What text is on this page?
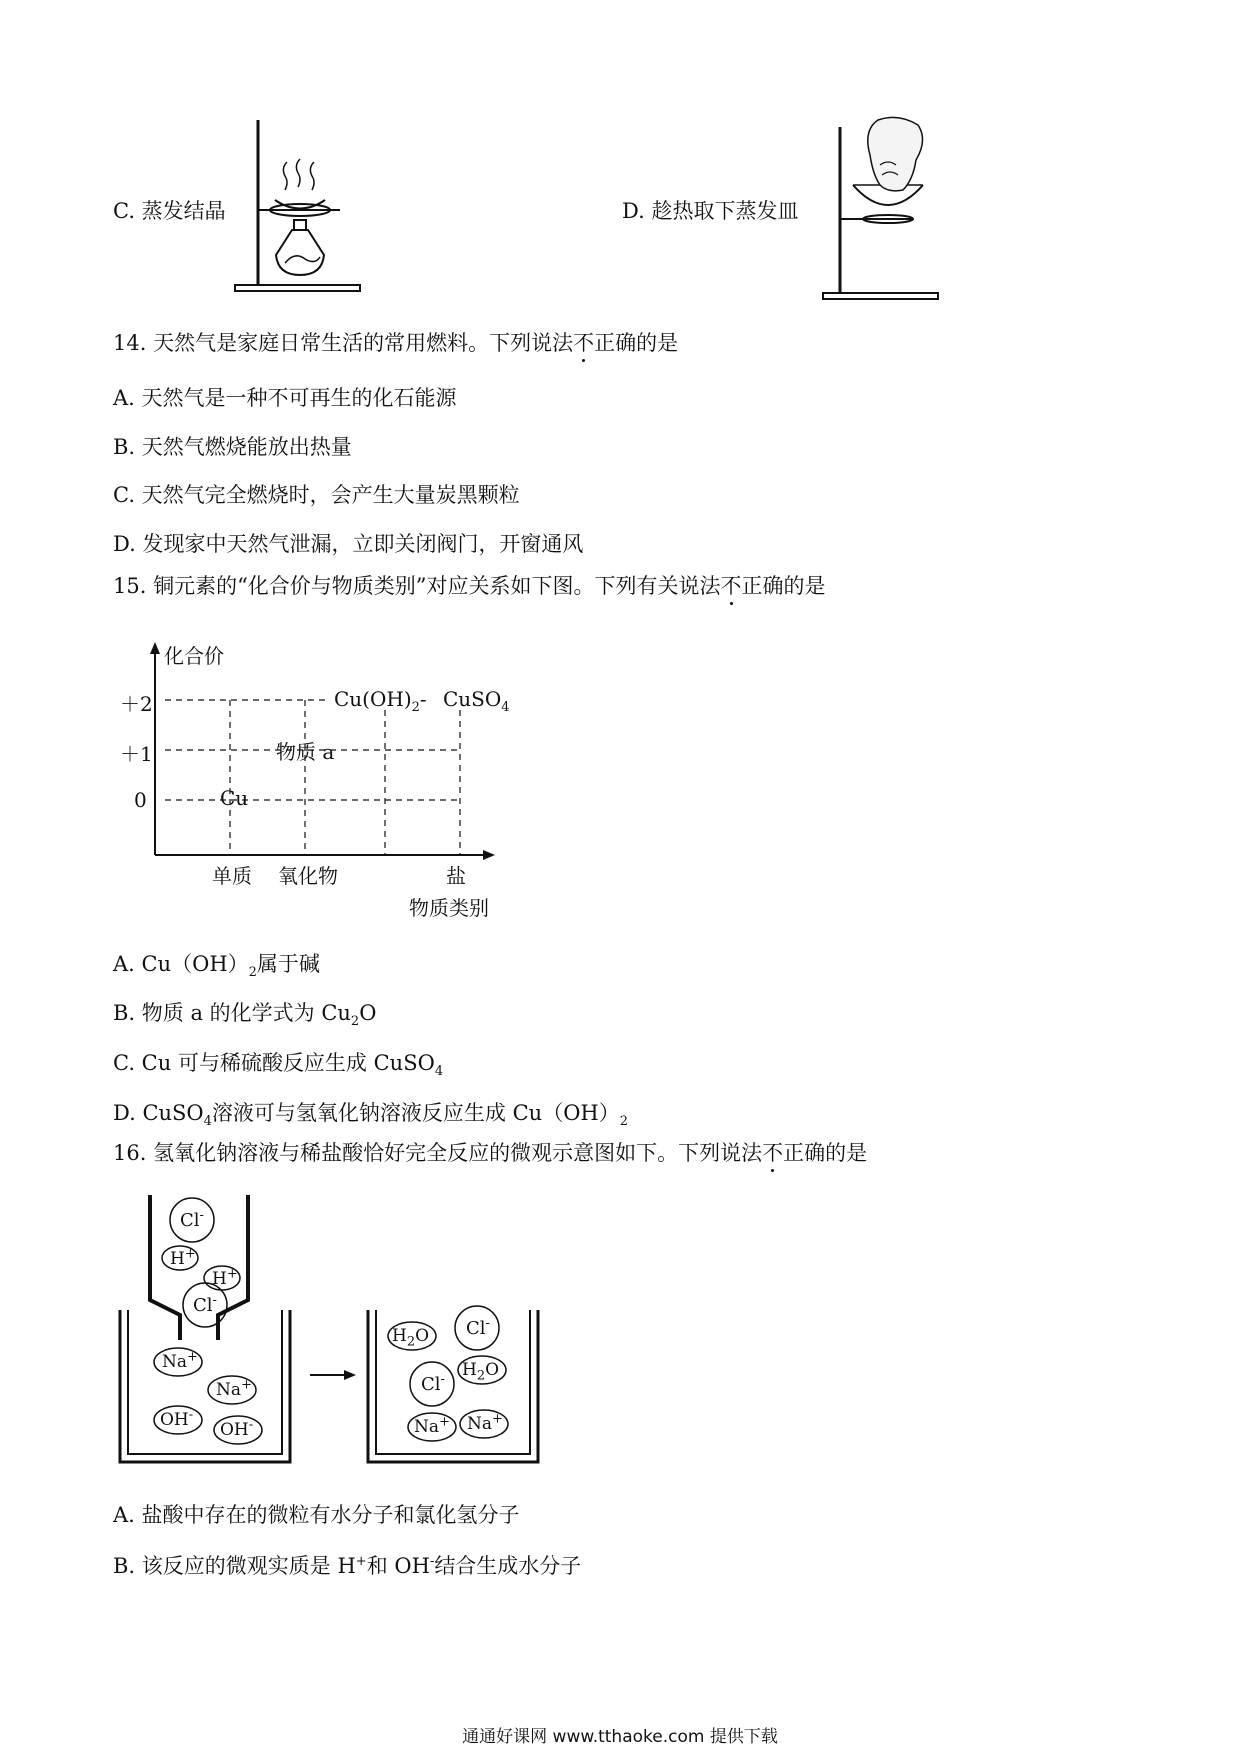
C. 蒸发结晶	D. 趁热取下蒸发皿
14. 天然气是家庭日常生活的常用燃料。下列说法不正确的是
A. 天然气是一种不可再生的化石能源
B. 天然气燃烧能放出热量
C. 天然气完全燃烧时，会产生大量炭黑颗粒
D. 发现家中天然气泄漏，立即关闭阀门，开窗通风
15. 铜元素的“化合价与物质类别”对应关系如下图。下列有关说法不正确的是
化合价
＋2
＋1
0
$Cu(OH)_2-$ CuSO$_4$
物质 a
Cu
单质 氧化物	盐
物质类别
A. $Cu(OH)_2$属于碱
B. 物质 a 的化学式为 $Cu_2O$
C. Cu 可与稀硫酸反应生成 CuSO$_4$
D. CuSO$_4$溶液可与氢氧化钠溶液反应生成 $Cu(OH)_2$
16. 氢氧化钠溶液与稀盐酸恰好完全反应的微观示意图如下。下列说法不正确的是
Cl-
H+
H+
Cl-
Na+
Na+
OH-
OH-
$H_2O$ Cl-
Cl- $H_2O$
Na+ Na+
A. 盐酸中存在的微粒有水分子和氯化氢分子
B. 该反应的微观实质是 H+和 OH-结合生成水分子
通通好课网 www.tthaoke.com 提供下载
